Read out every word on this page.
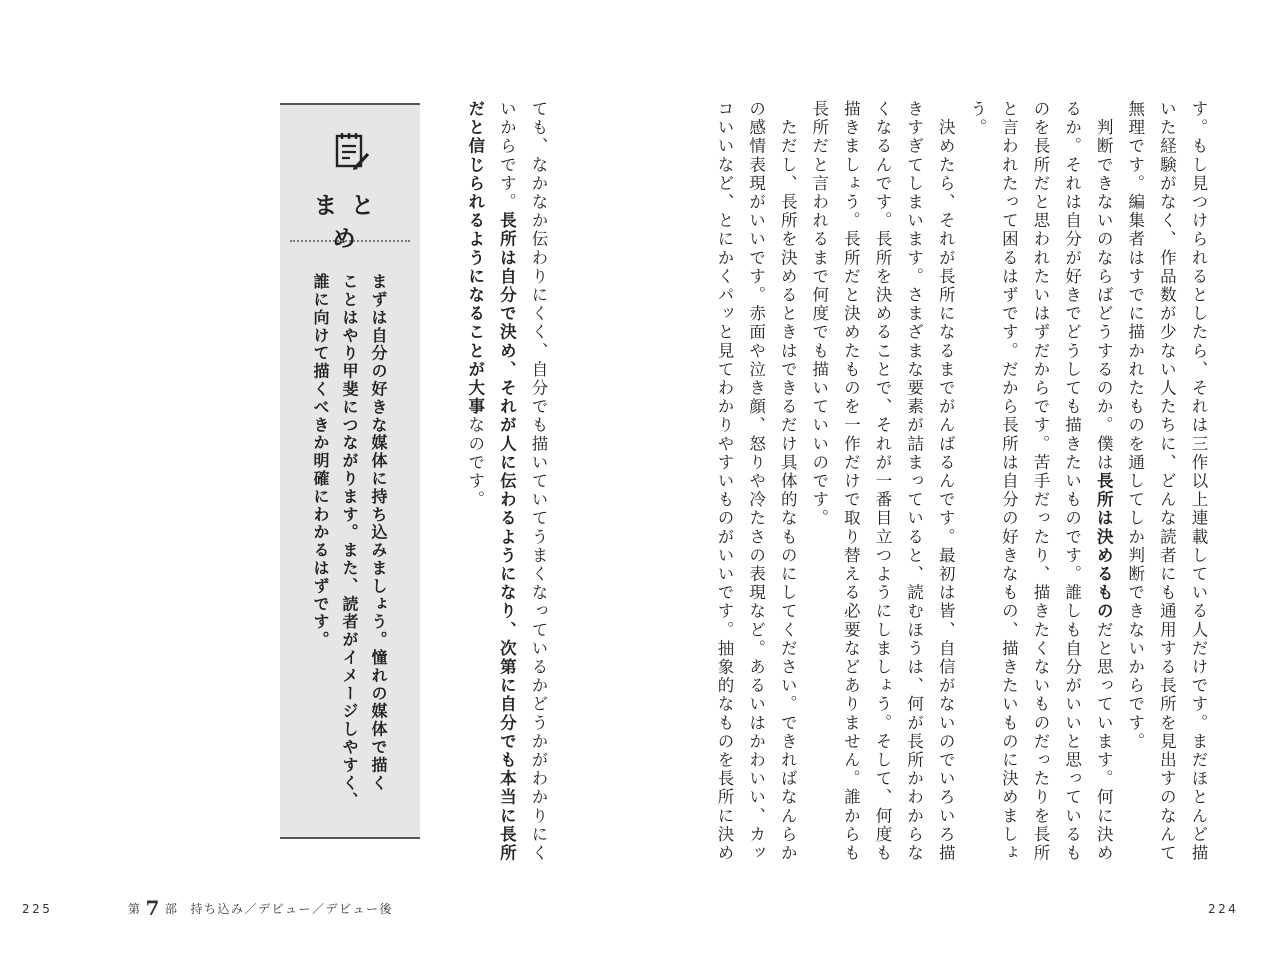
す。もし見つけられるとしたら、それは三作以上連載している人だけです。まだほとんど描
いた経験がなく、作品数が少ない人たちに、どんな読者にも通用する長所を見出すのなんて
無理です。編集者はすでに描かれたものを通してしか判断できないからです。
　判断できないのならばどうするのか。僕は長所は決めるものだと思っています。何に決め
るか。それは自分が好きでどうしても描きたいものです。誰しも自分がいいと思っているも
のを長所だと思われたいはずだからです。苦手だったり、描きたくないものだったりを長所
と言われたって困るはずです。だから長所は自分の好きなもの、描きたいものに決めましょ
う。
　決めたら、それが長所になるまでがんばるんです。最初は皆、自信がないのでいろいろ描
きすぎてしまいます。さまざまな要素が詰まっていると、読むほうは、何が長所かわからな
くなるんです。長所を決めることで、それが一番目立つようにしましょう。そして、何度も
描きましょう。長所だと決めたものを一作だけで取り替える必要などありません。誰からも
長所だと言われるまで何度でも描いていいのです。
　ただし、長所を決めるときはできるだけ具体的なものにしてください。できればなんらか
の感情表現がいいです。赤面や泣き顔、怒りや冷たさの表現など。あるいはかわいい、カッ
コいいなど、とにかくパッと見てわかりやすいものがいいです。抽象的なものを長所に決め
ても、なかなか伝わりにくく、自分でも描いていてうまくなっているかどうかがわかりにく
いからです。長所は自分で決め、それが人に伝わるようになり、次第に自分でも本当に長所
だと信じられるようになることが大事なのです。
まとめ
まずは自分の好きな媒体に持ち込みましょう。憧れの媒体で描く
ことはやり甲斐につながります。また、読者がイメージしやすく、
誰に向けて描くべきか明確にわかるはずです。
225	224
第 7 部 持ち込み／デビュー／デビュー後
